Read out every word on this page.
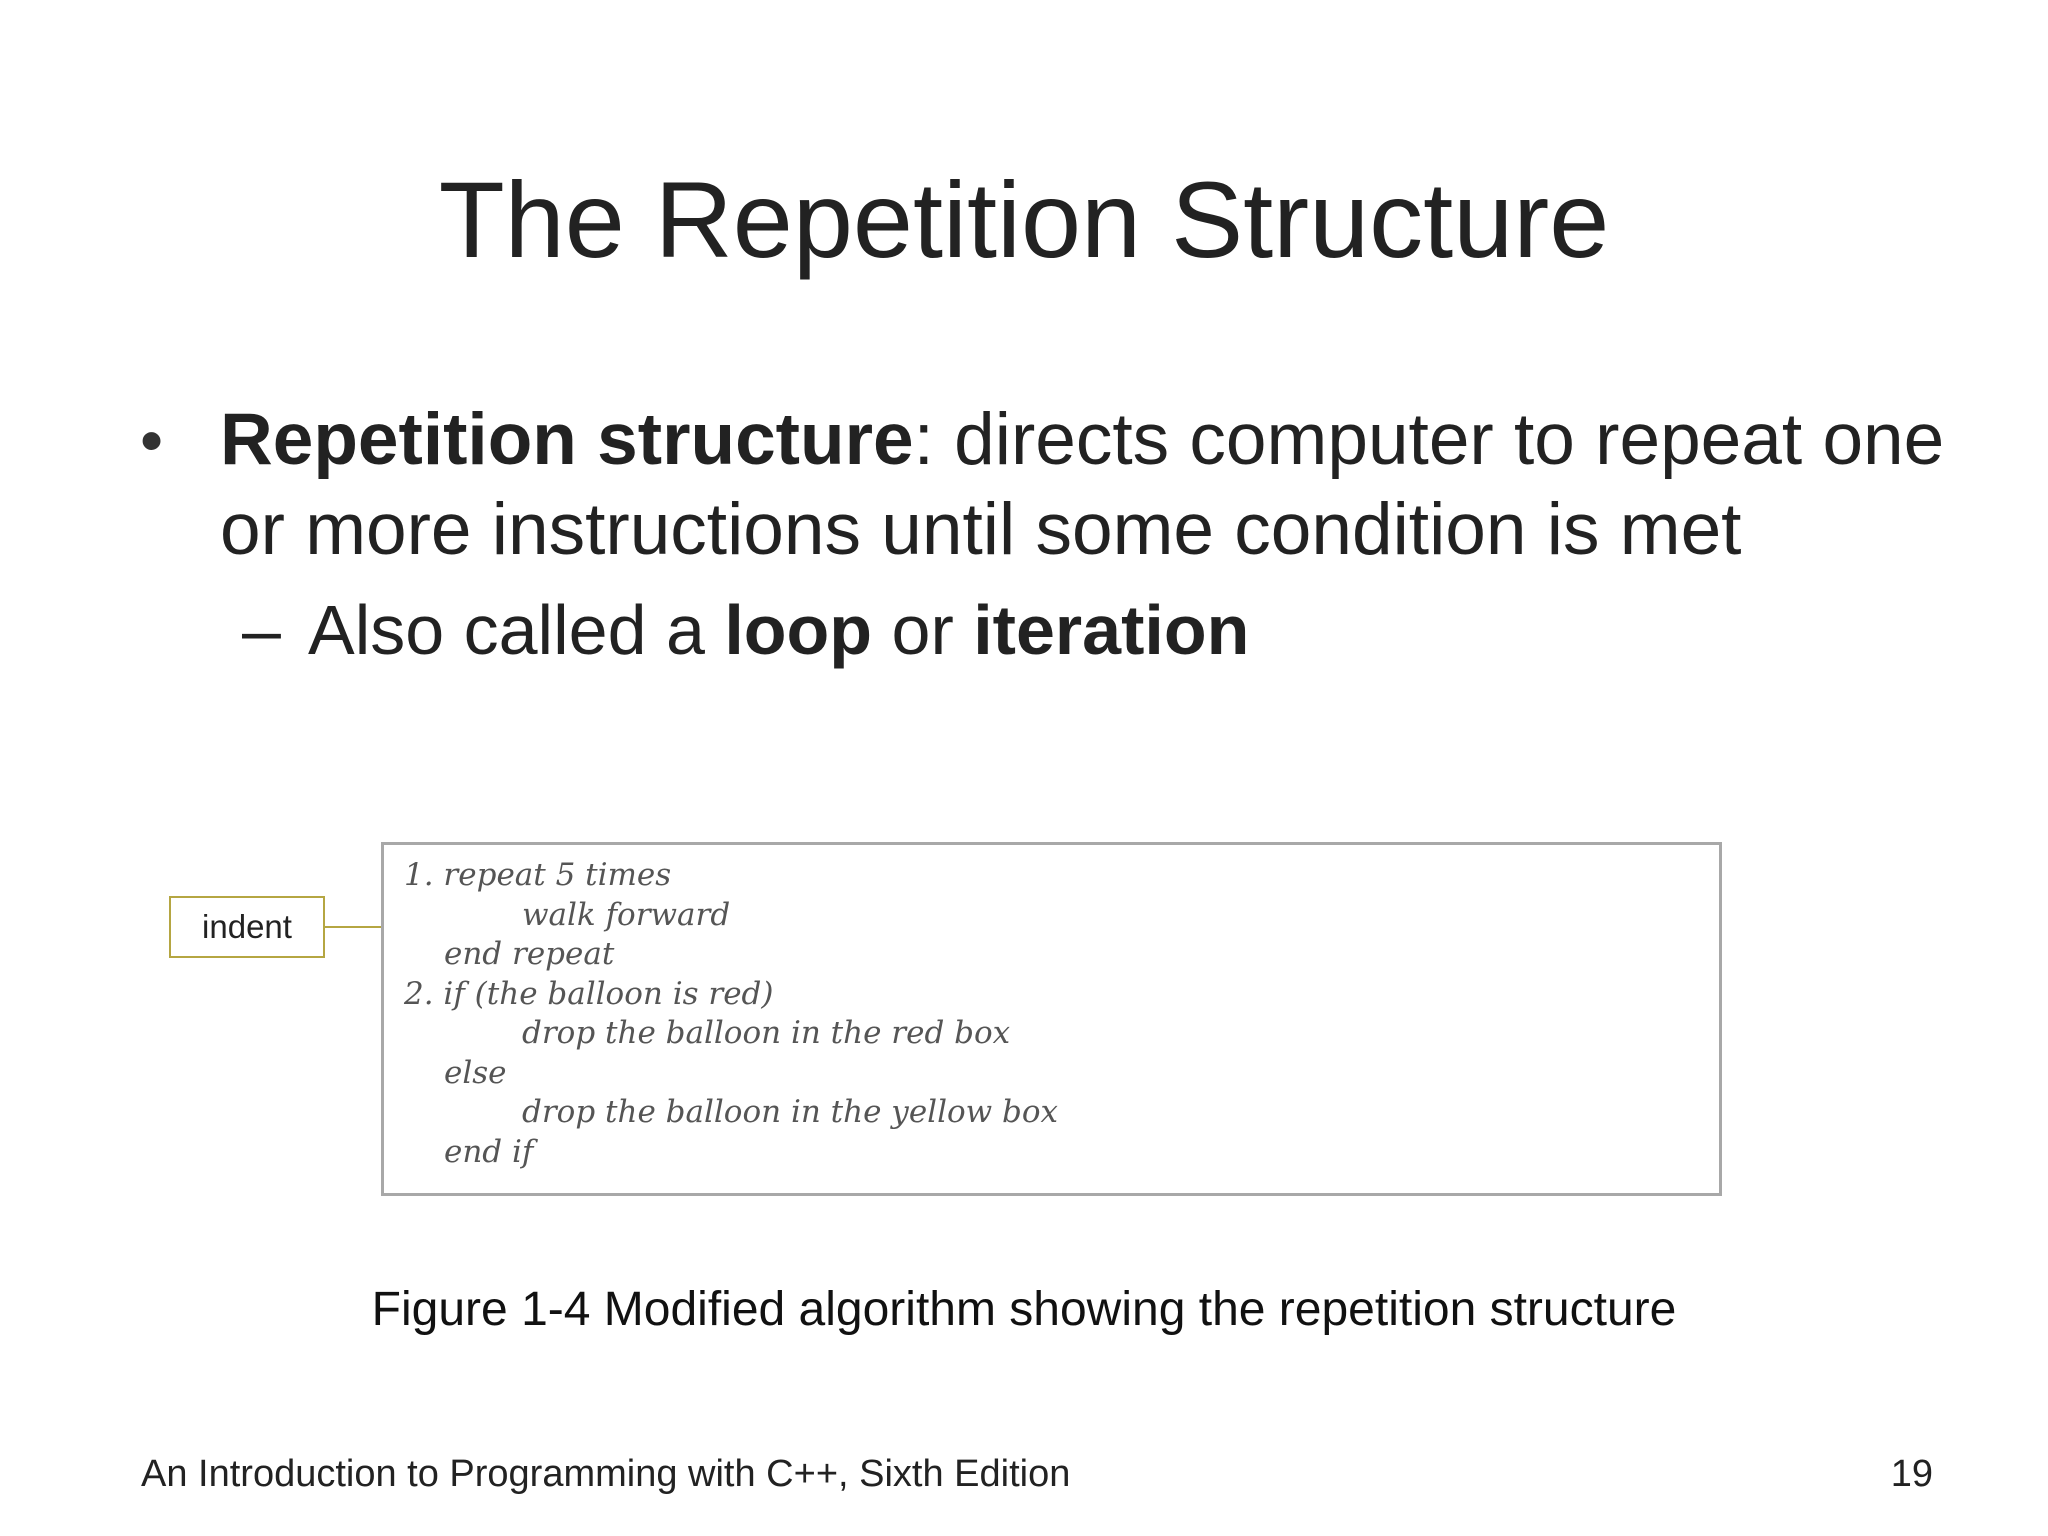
The Repetition Structure
• Repetition structure: directs computer to repeat one or more instructions until some condition is met
– Also called a loop or iteration
indent
1. repeat 5 times
walk forward
end repeat
2. if (the balloon is red)
drop the balloon in the red box
else
drop the balloon in the yellow box
end if
Figure 1-4 Modified algorithm showing the repetition structure
An Introduction to Programming with C++, Sixth Edition	19
